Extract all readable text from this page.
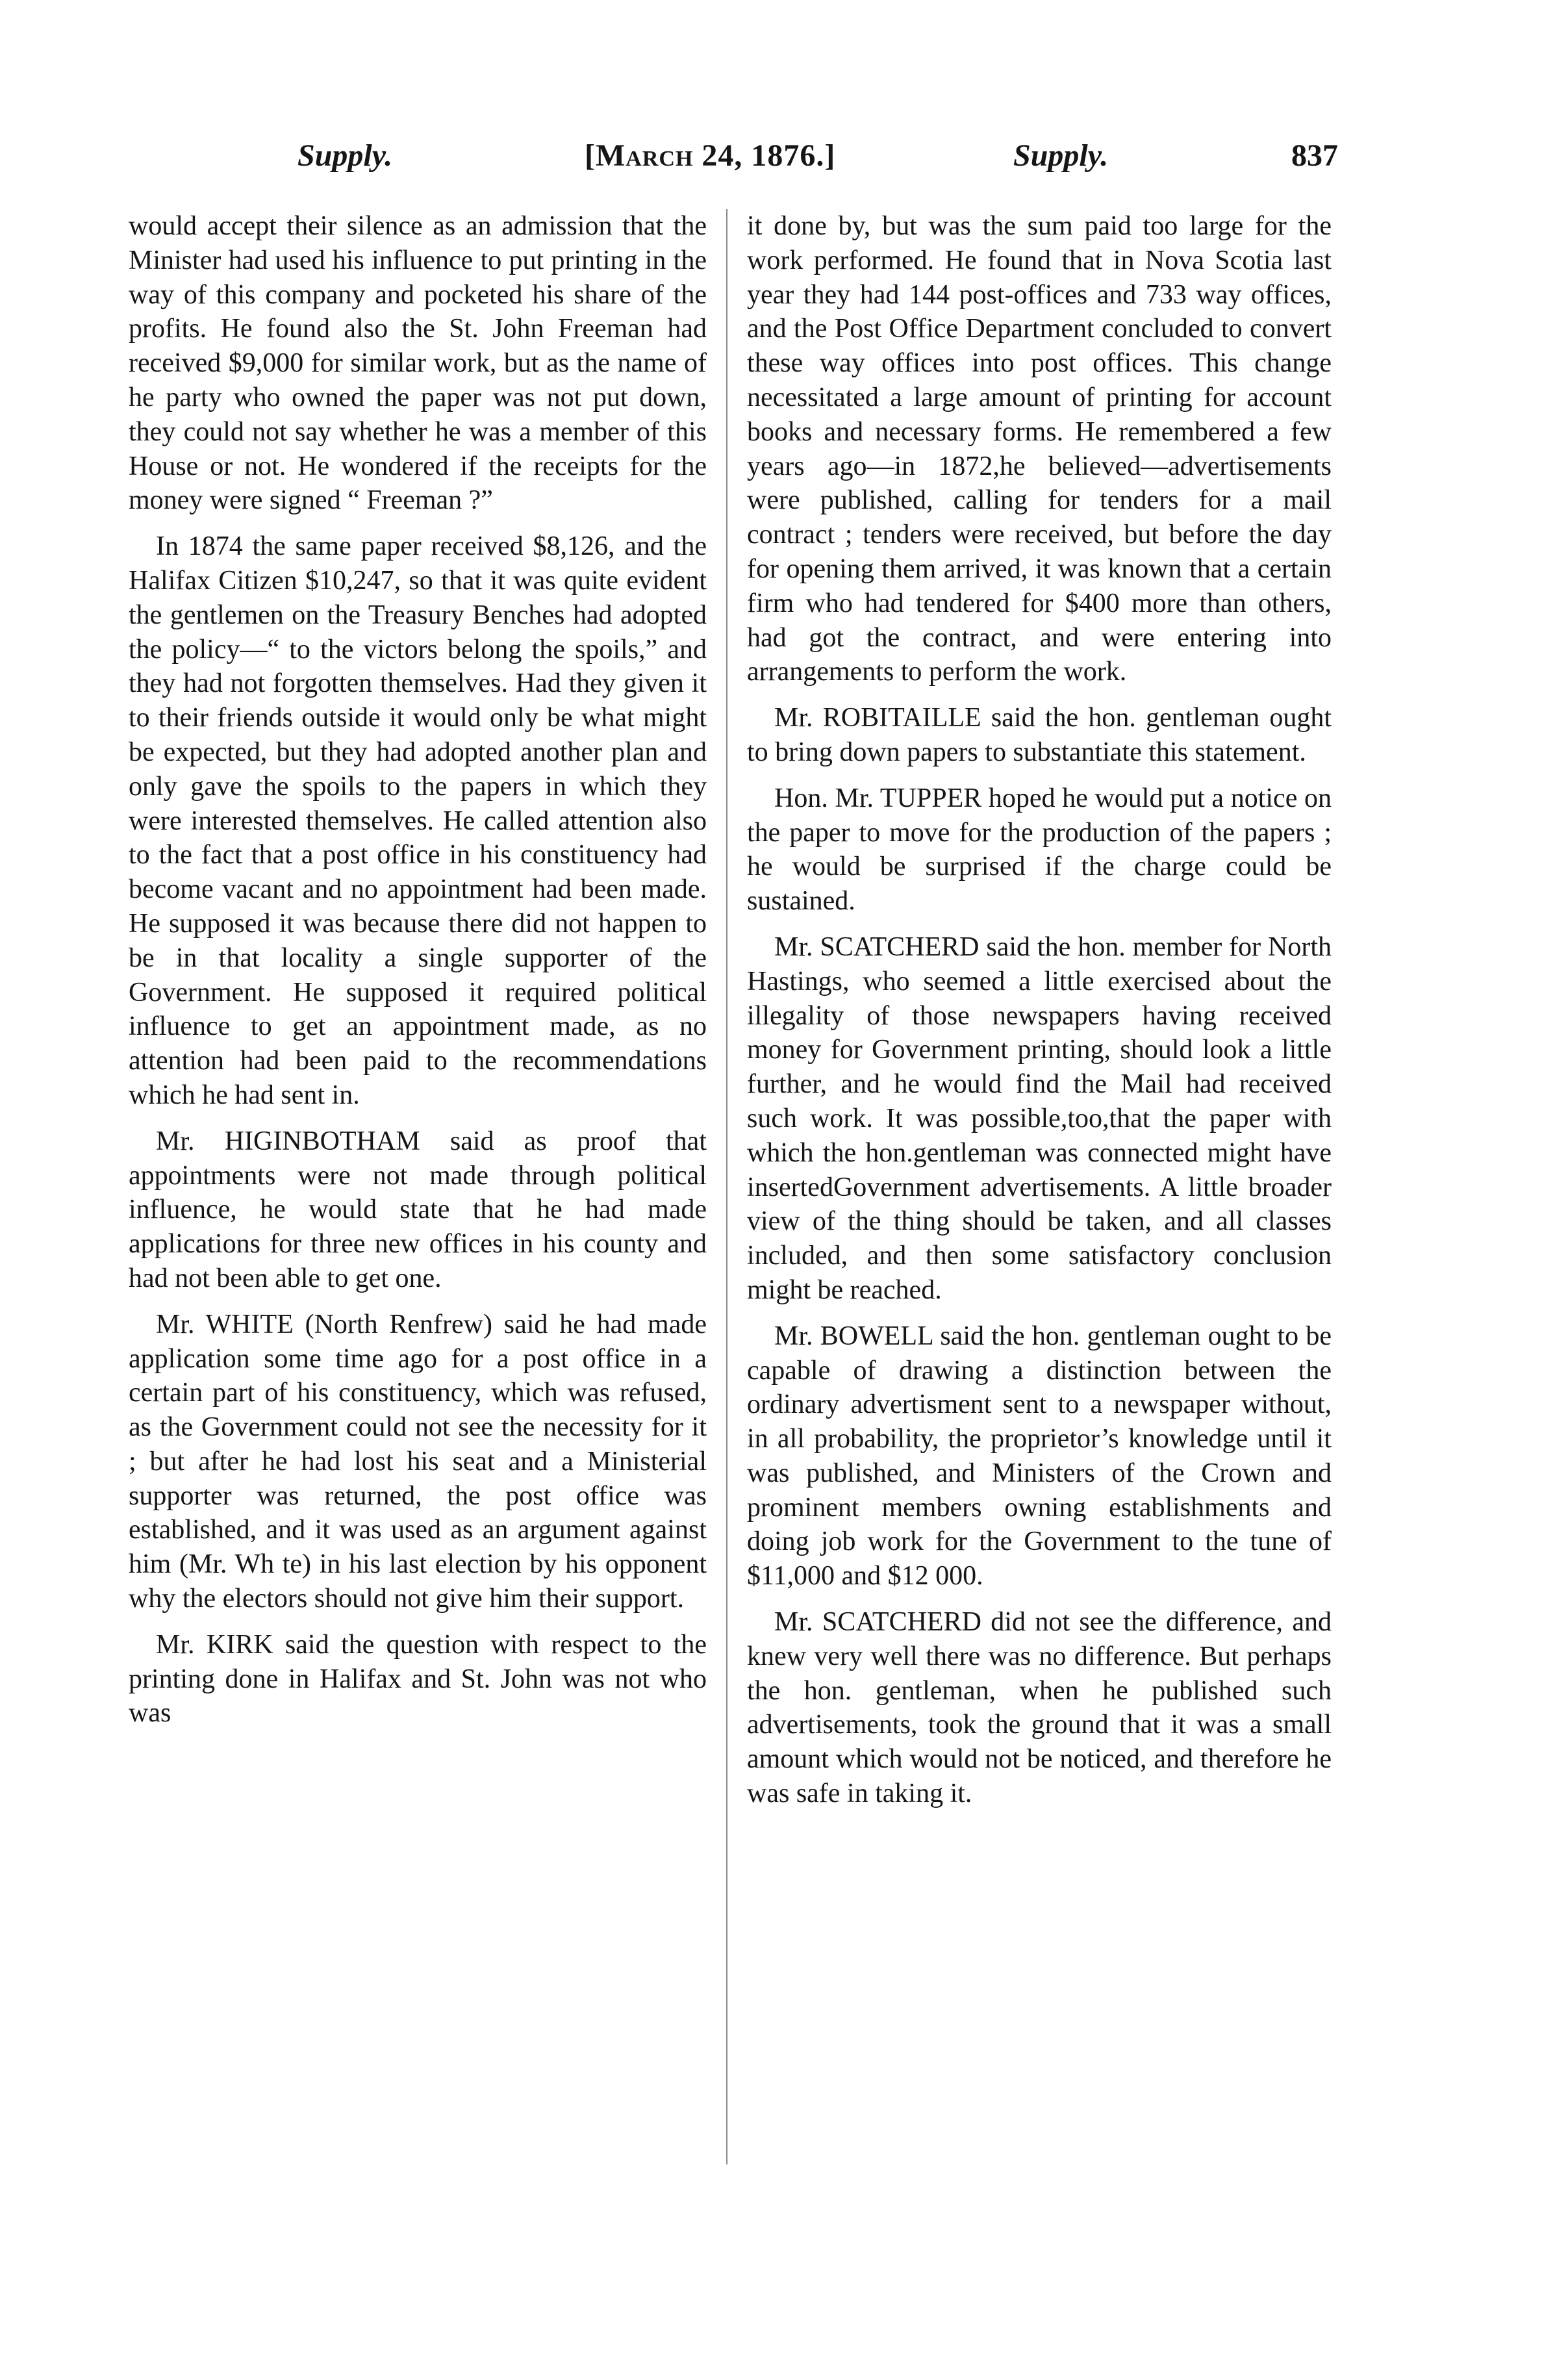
Supply.	[March 24, 1876.]	Supply.	837

would accept their silence as an admission that the Minister had used his influence to put printing in the way of this company and pocketed his share of the profits. He found also the St. John Freeman had received $9,000 for similar work, but as the name of he party who owned the paper was not put down, they could not say whether he was a member of this House or not. He wondered if the receipts for the money were signed “ Freeman ?”

In 1874 the same paper received $8,126, and the Halifax Citizen $10,247, so that it was quite evident the gentlemen on the Treasury Benches had adopted the policy—“ to the victors belong the spoils,” and they had not forgotten themselves. Had they given it to their friends outside it would only be what might be expected, but they had adopted another plan and only gave the spoils to the papers in which they were interested themselves. He called attention also to the fact that a post office in his constituency had become vacant and no appointment had been made. He supposed it was because there did not happen to be in that locality a single supporter of the Government. He supposed it required political influence to get an appointment made, as no attention had been paid to the recommendations which he had sent in.

Mr. HIGINBOTHAM said as proof that appointments were not made through political influence, he would state that he had made applications for three new offices in his county and had not been able to get one.

Mr. WHITE (North Renfrew) said he had made application some time ago for a post office in a certain part of his constituency, which was refused, as the Government could not see the necessity for it ; but after he had lost his seat and a Ministerial supporter was returned, the post office was established, and it was used as an argument against him (Mr. Wh te) in his last election by his opponent why the electors should not give him their support.

Mr. KIRK said the question with respect to the printing done in Halifax and St. John was not who was

it done by, but was the sum paid too large for the work performed. He found that in Nova Scotia last year they had 144 post-offices and 733 way offices, and the Post Office Department concluded to convert these way offices into post offices. This change necessitated a large amount of printing for account books and necessary forms. He remembered a few years ago—in 1872,he believed—advertisements were published, calling for tenders for a mail contract ; tenders were received, but before the day for opening them arrived, it was known that a certain firm who had tendered for $400 more than others, had got the contract, and were entering into arrangements to perform the work.

Mr. ROBITAILLE said the hon. gentleman ought to bring down papers to substantiate this statement.

Hon. Mr. TUPPER hoped he would put a notice on the paper to move for the production of the papers ; he would be surprised if the charge could be sustained.

Mr. SCATCHERD said the hon. member for North Hastings, who seemed a little exercised about the illegality of those newspapers having received money for Government printing, should look a little further, and he would find the Mail had received such work. It was possible,too,that the paper with which the hon.gentleman was connected might have insertedGovernment advertisements. A little broader view of the thing should be taken, and all classes included, and then some satisfactory conclusion might be reached.

Mr. BOWELL said the hon. gentleman ought to be capable of drawing a distinction between the ordinary advertisment sent to a newspaper without, in all probability, the proprietor’s knowledge until it was published, and Ministers of the Crown and prominent members owning establishments and doing job work for the Government to the tune of $11,000 and $12 000.

Mr. SCATCHERD did not see the difference, and knew very well there was no difference. But perhaps the hon. gentleman, when he published such advertisements, took the ground that it was a small amount which would not be noticed, and therefore he was safe in taking it.
